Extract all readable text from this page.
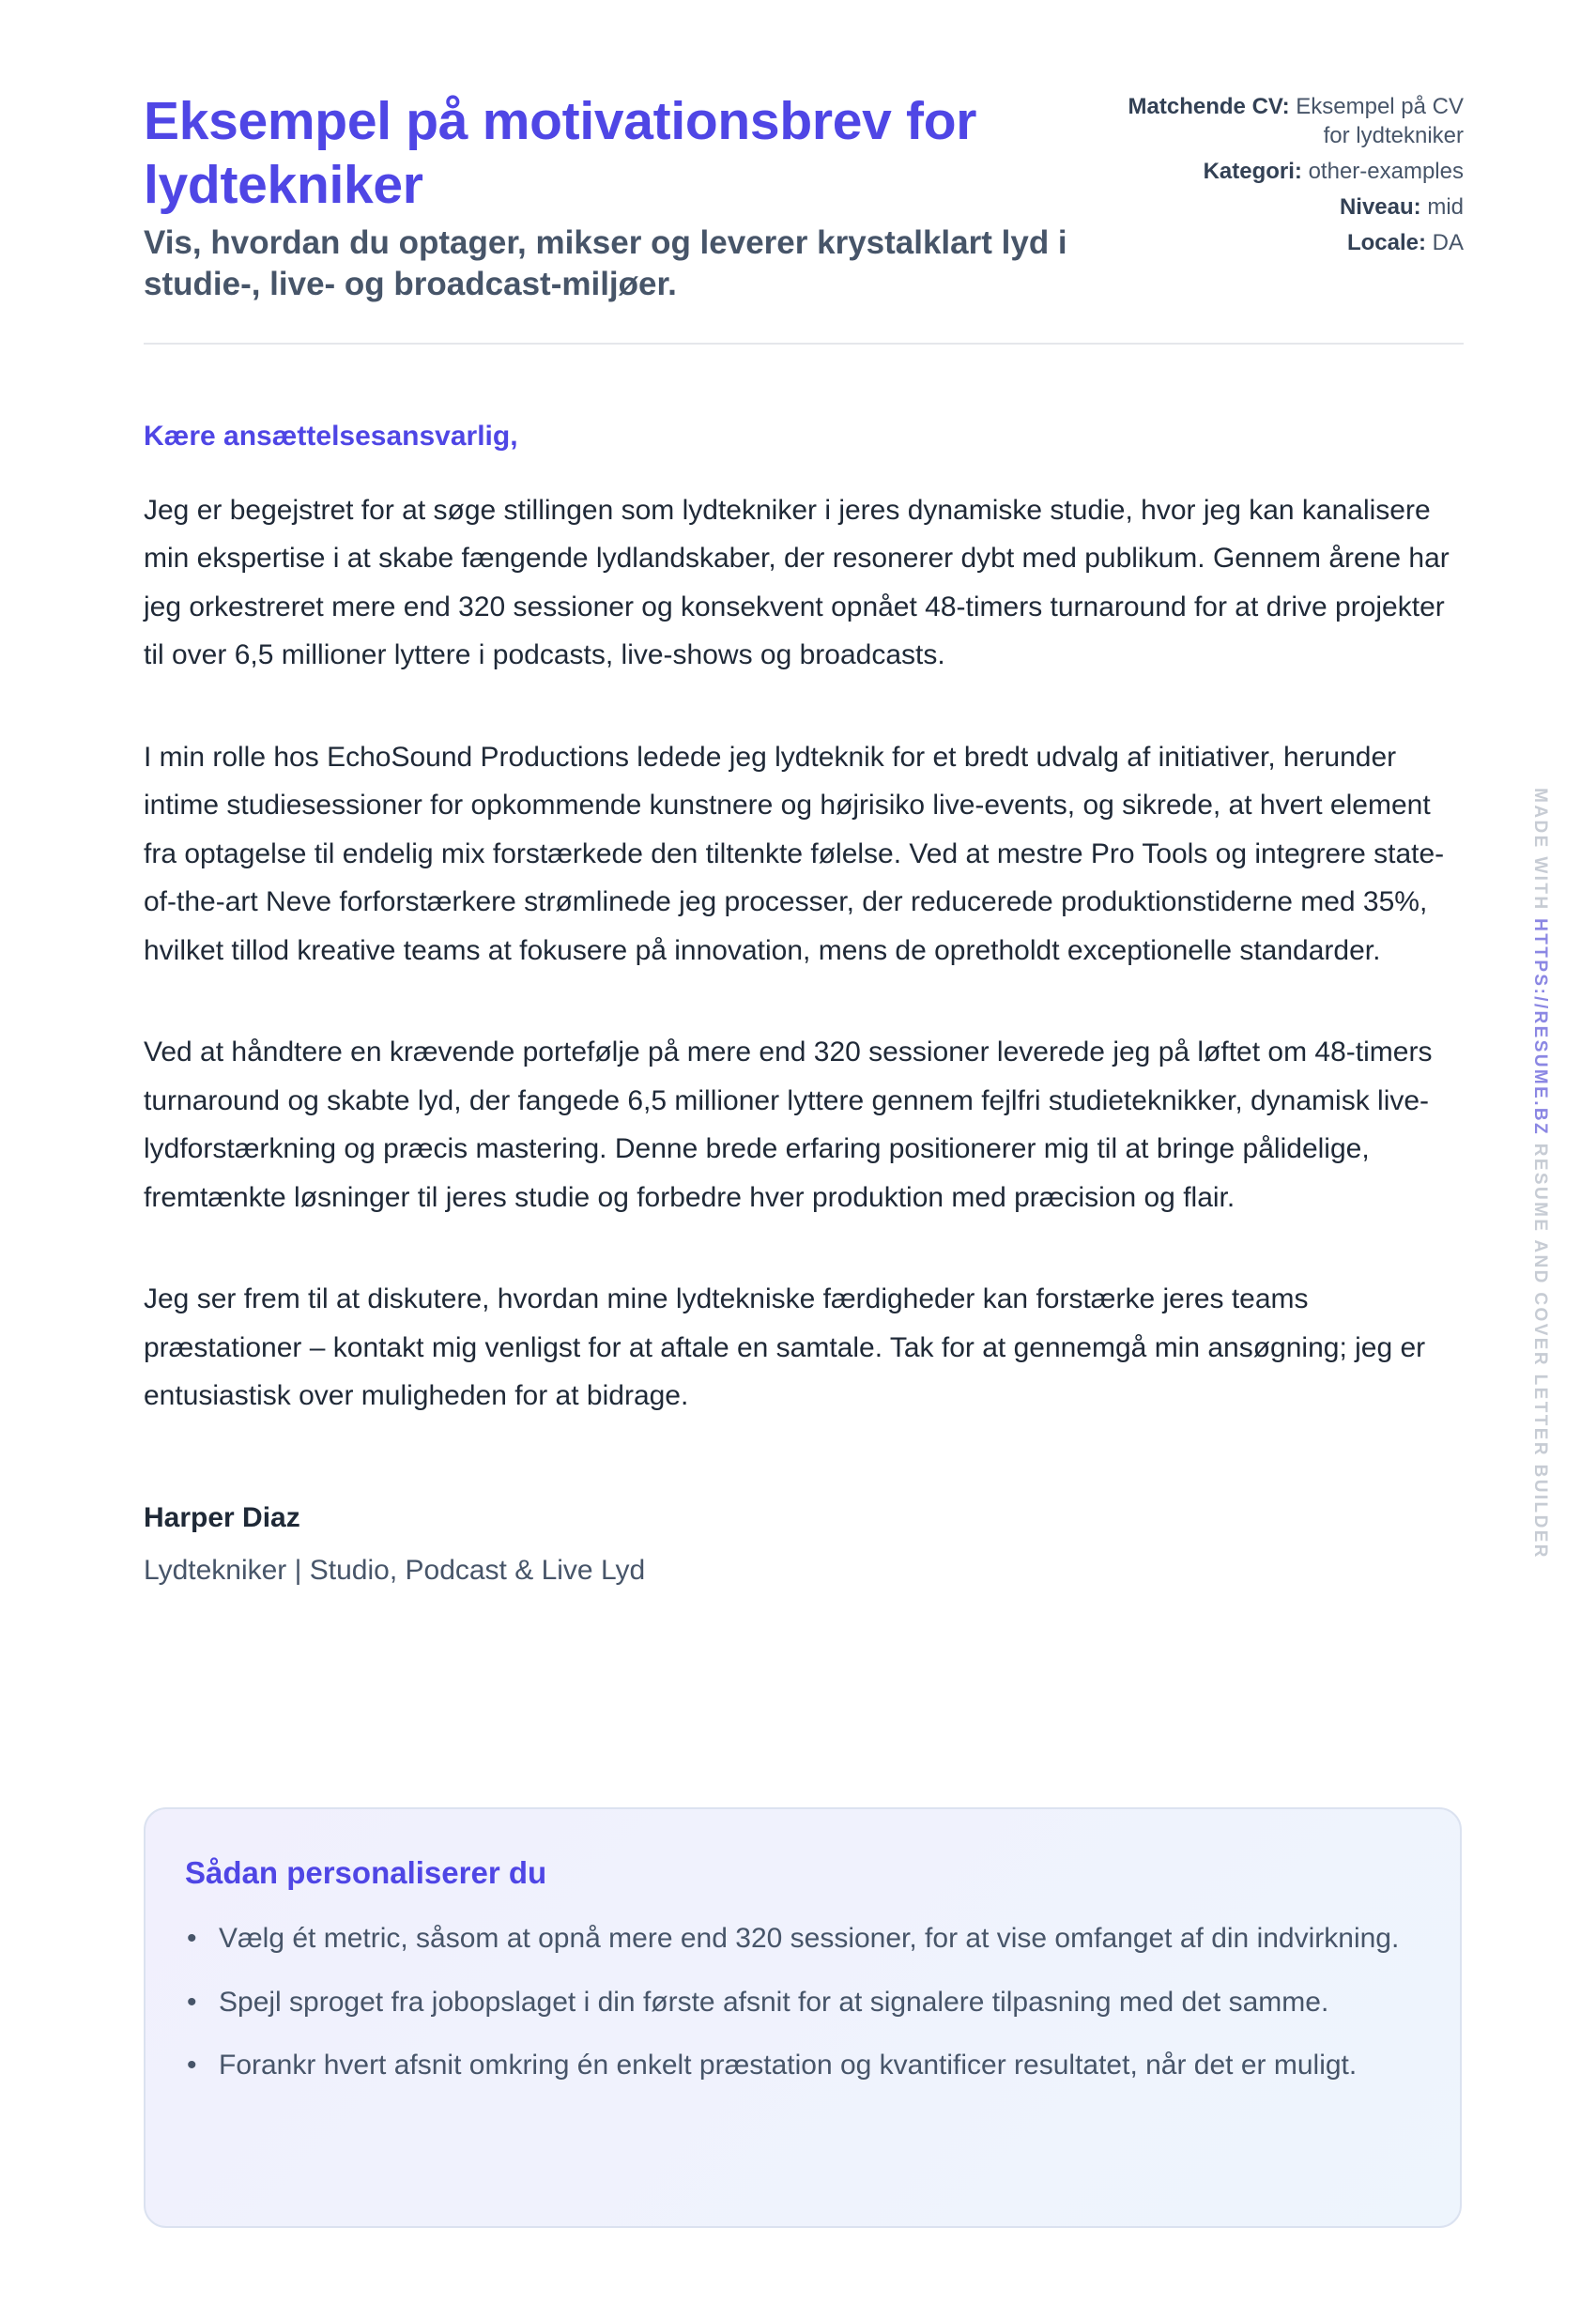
Eksempel på motivationsbrev for lydtekniker

Vis, hvordan du optager, mikser og leverer krystalklart lyd i studie-, live- og broadcast-miljøer.

Matchende CV: Eksempel på CV for lydtekniker
Kategori: other-examples
Niveau: mid
Locale: DA

Kære ansættelsesansvarlig,

Jeg er begejstret for at søge stillingen som lydtekniker i jeres dynamiske studie, hvor jeg kan kanalisere min ekspertise i at skabe fængende lydlandskaber, der resonerer dybt med publikum. Gennem årene har jeg orkestreret mere end 320 sessioner og konsekvent opnået 48-timers turnaround for at drive projekter til over 6,5 millioner lyttere i podcasts, live-shows og broadcasts.

I min rolle hos EchoSound Productions ledede jeg lydteknik for et bredt udvalg af initiativer, herunder intime studiesessioner for opkommende kunstnere og højrisiko live-events, og sikrede, at hvert element fra optagelse til endelig mix forstærkede den tiltenkte følelse. Ved at mestre Pro Tools og integrere state-of-the-art Neve forforstærkere strømlinede jeg processer, der reducerede produktionstiderne med 35%, hvilket tillod kreative teams at fokusere på innovation, mens de opretholdt exceptionelle standarder.

Ved at håndtere en krævende portefølje på mere end 320 sessioner leverede jeg på løftet om 48-timers turnaround og skabte lyd, der fangede 6,5 millioner lyttere gennem fejlfri studieteknikker, dynamisk live-lydforstærkning og præcis mastering. Denne brede erfaring positionerer mig til at bringe pålidelige, fremtænkte løsninger til jeres studie og forbedre hver produktion med præcision og flair.

Jeg ser frem til at diskutere, hvordan mine lydtekniske færdigheder kan forstærke jeres teams præstationer – kontakt mig venligst for at aftale en samtale. Tak for at gennemgå min ansøgning; jeg er entusiastisk over muligheden for at bidrage.

Harper Diaz
Lydtekniker | Studio, Podcast & Live Lyd
Sådan personaliserer du
• Vælg ét metric, såsom at opnå mere end 320 sessioner, for at vise omfanget af din indvirkning.
• Spejl sproget fra jobopslaget i din første afsnit for at signalere tilpasning med det samme.
• Forankr hvert afsnit omkring én enkelt præstation og kvantificer resultatet, når det er muligt.
MADE WITH HTTPS://RESUME.BZ RESUME AND COVER LETTER BUILDER
